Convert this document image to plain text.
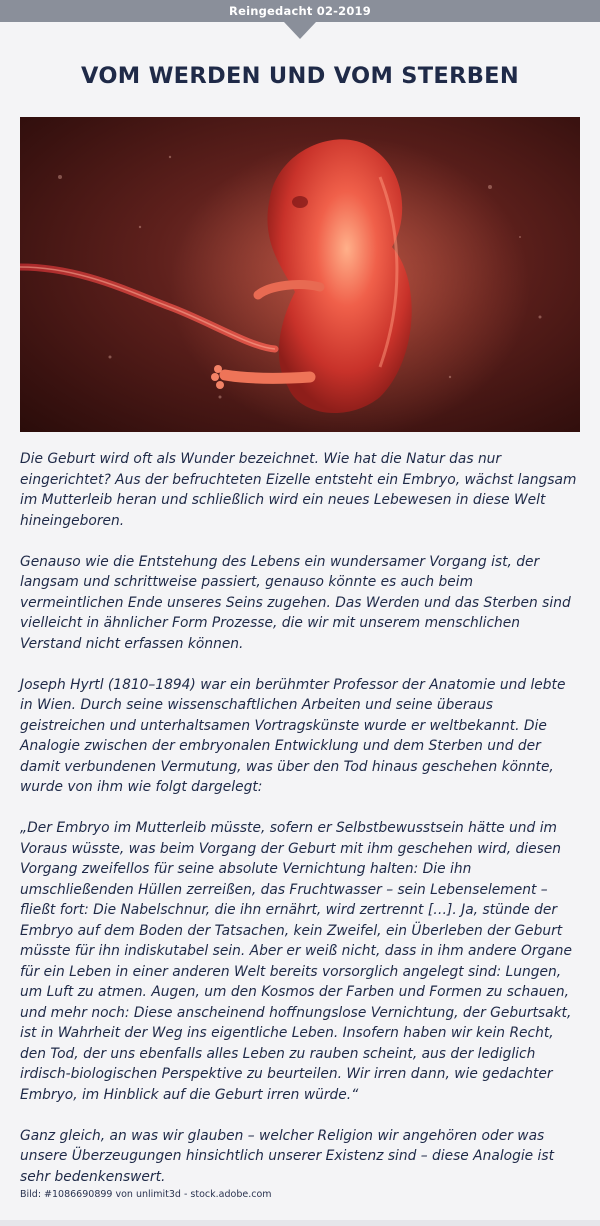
Reingedacht 02-2019
VOM WERDEN UND VOM STERBEN

Die Geburt wird oft als Wunder bezeichnet. Wie hat die Natur das nur eingerichtet? Aus der befruchteten Eizelle entsteht ein Embryo, wächst langsam im Mutterleib heran und schließlich wird ein neues Lebewesen in diese Welt hineingeboren.

Genauso wie die Entstehung des Lebens ein wundersamer Vorgang ist, der langsam und schrittweise passiert, genauso könnte es auch beim vermeintlichen Ende unseres Seins zugehen. Das Werden und das Sterben sind vielleicht in ähnlicher Form Prozesse, die wir mit unserem menschlichen Verstand nicht erfassen können.

Joseph Hyrtl (1810–1894) war ein berühmter Professor der Anatomie und lebte in Wien. Durch seine wissenschaftlichen Arbeiten und seine überaus geistreichen und unterhaltsamen Vortragskünste wurde er weltbekannt. Die Analogie zwischen der embryonalen Entwicklung und dem Sterben und der damit verbundenen Vermutung, was über den Tod hinaus geschehen könnte, wurde von ihm wie folgt dargelegt:

„Der Embryo im Mutterleib müsste, sofern er Selbstbewusstsein hätte und im Voraus wüsste, was beim Vorgang der Geburt mit ihm geschehen wird, diesen Vorgang zweifellos für seine absolute Vernichtung halten: Die ihn umschließenden Hüllen zerreißen, das Fruchtwasser – sein Lebenselement – fließt fort: Die Nabelschnur, die ihn ernährt, wird zertrennt […]. Ja, stünde der Embryo auf dem Boden der Tatsachen, kein Zweifel, ein Überleben der Geburt müsste für ihn indiskutabel sein. Aber er weiß nicht, dass in ihm andere Organe für ein Leben in einer anderen Welt bereits vorsorglich angelegt sind: Lungen, um Luft zu atmen. Augen, um den Kosmos der Farben und Formen zu schauen, und mehr noch: Diese anscheinend hoffnungslose Vernichtung, der Geburtsakt, ist in Wahrheit der Weg ins eigentliche Leben. Insofern haben wir kein Recht, den Tod, der uns ebenfalls alles Leben zu rauben scheint, aus der lediglich irdisch-biologischen Perspektive zu beurteilen. Wir irren dann, wie gedachter Embryo, im Hinblick auf die Geburt irren würde.“

Ganz gleich, an was wir glauben – welcher Religion wir angehören oder was unsere Überzeugungen hinsichtlich unserer Existenz sind – diese Analogie ist sehr bedenkenswert.

Bild: #1086690899 von unlimit3d - stock.adobe.com
